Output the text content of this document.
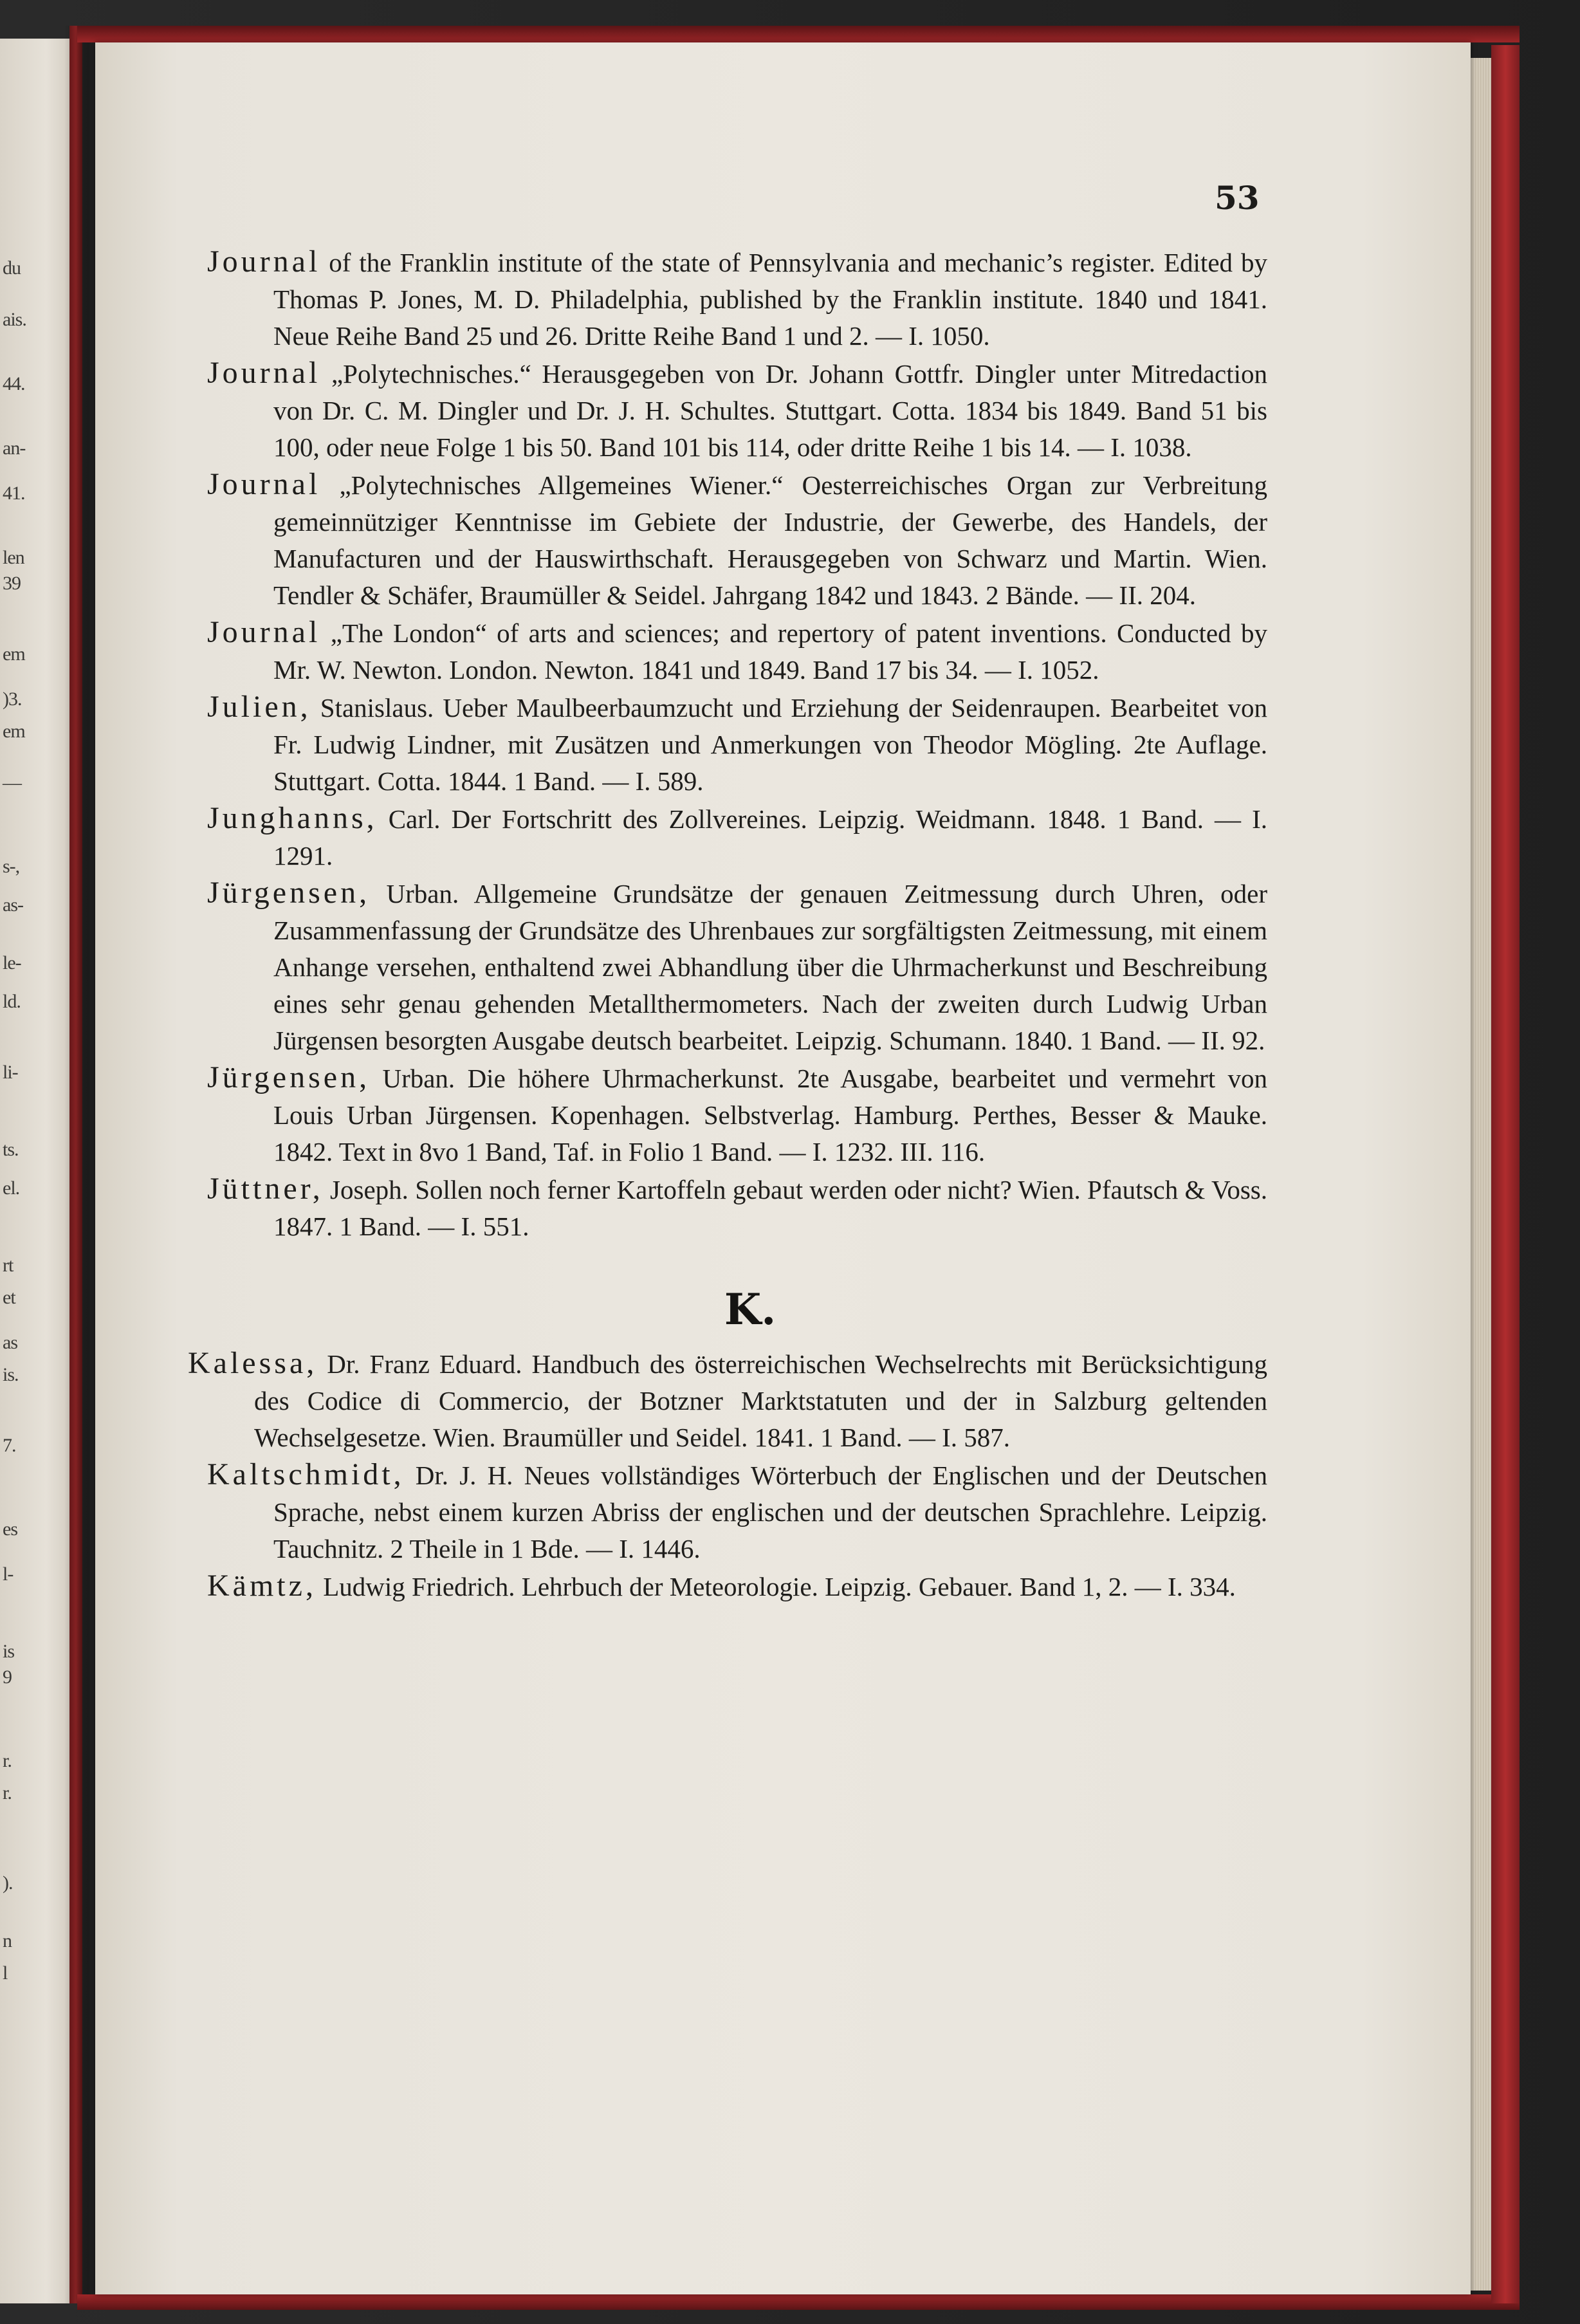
du
ais.
44.
an-
41.
len
39
em
)3.
em
—
s-,
as-
le-
ld.
li-
ts.
el.
rt
et
as
is.
7.
es
l-
is
9
r.
r.
).
n
l
53

Journal of the Franklin institute of the state of Pennsylvania and mechanic’s register. Edited by Thomas P. Jones, M. D. Philadelphia, published by the Franklin institute. 1840 und 1841. Neue Reihe Band 25 und 26. Dritte Reihe Band 1 und 2. — I. 1050.

Journal „Polytechnisches.“ Herausgegeben von Dr. Johann Gottfr. Dingler unter Mitredaction von Dr. C. M. Dingler und Dr. J. H. Schultes. Stuttgart. Cotta. 1834 bis 1849. Band 51 bis 100, oder neue Folge 1 bis 50. Band 101 bis 114, oder dritte Reihe 1 bis 14. — I. 1038.

Journal „Polytechnisches Allgemeines Wiener.“ Oesterreichisches Organ zur Verbreitung gemeinnütziger Kenntnisse im Gebiete der Industrie, der Gewerbe, des Handels, der Manufacturen und der Hauswirthschaft. Herausgegeben von Schwarz und Martin. Wien. Tendler & Schäfer, Braumüller & Seidel. Jahrgang 1842 und 1843. 2 Bände. — II. 204.

Journal „The London“ of arts and sciences; and repertory of patent inventions. Conducted by Mr. W. Newton. London. Newton. 1841 und 1849. Band 17 bis 34. — I. 1052.

Julien, Stanislaus. Ueber Maulbeerbaumzucht und Erziehung der Seidenraupen. Bearbeitet von Fr. Ludwig Lindner, mit Zusätzen und Anmerkungen von Theodor Mögling. 2te Auflage. Stuttgart. Cotta. 1844. 1 Band. — I. 589.

Junghanns, Carl. Der Fortschritt des Zollvereines. Leipzig. Weidmann. 1848. 1 Band. — I. 1291.

Jürgensen, Urban. Allgemeine Grundsätze der genauen Zeitmessung durch Uhren, oder Zusammenfassung der Grundsätze des Uhrenbaues zur sorgfältigsten Zeitmessung, mit einem Anhange versehen, enthaltend zwei Abhandlung über die Uhrmacherkunst und Beschreibung eines sehr genau gehenden Metallthermometers. Nach der zweiten durch Ludwig Urban Jürgensen besorgten Ausgabe deutsch bearbeitet. Leipzig. Schumann. 1840. 1 Band. — II. 92.

Jürgensen, Urban. Die höhere Uhrmacherkunst. 2te Ausgabe, bearbeitet und vermehrt von Louis Urban Jürgensen. Kopenhagen. Selbstverlag. Hamburg. Perthes, Besser & Mauke. 1842. Text in 8vo 1 Band, Taf. in Folio 1 Band. — I. 1232. III. 116.

Jüttner, Joseph. Sollen noch ferner Kartoffeln gebaut werden oder nicht? Wien. Pfautsch & Voss. 1847. 1 Band. — I. 551.

K.

Kalessa, Dr. Franz Eduard. Handbuch des österreichischen Wechselrechts mit Berücksichtigung des Codice di Commercio, der Botzner Marktstatuten und der in Salzburg geltenden Wechselgesetze. Wien. Braumüller und Seidel. 1841. 1 Band. — I. 587.

Kaltschmidt, Dr. J. H. Neues vollständiges Wörterbuch der Englischen und der Deutschen Sprache, nebst einem kurzen Abriss der englischen und der deutschen Sprachlehre. Leipzig. Tauchnitz. 2 Theile in 1 Bde. — I. 1446.

Kämtz, Ludwig Friedrich. Lehrbuch der Meteorologie. Leipzig. Gebauer. Band 1, 2. — I. 334.
